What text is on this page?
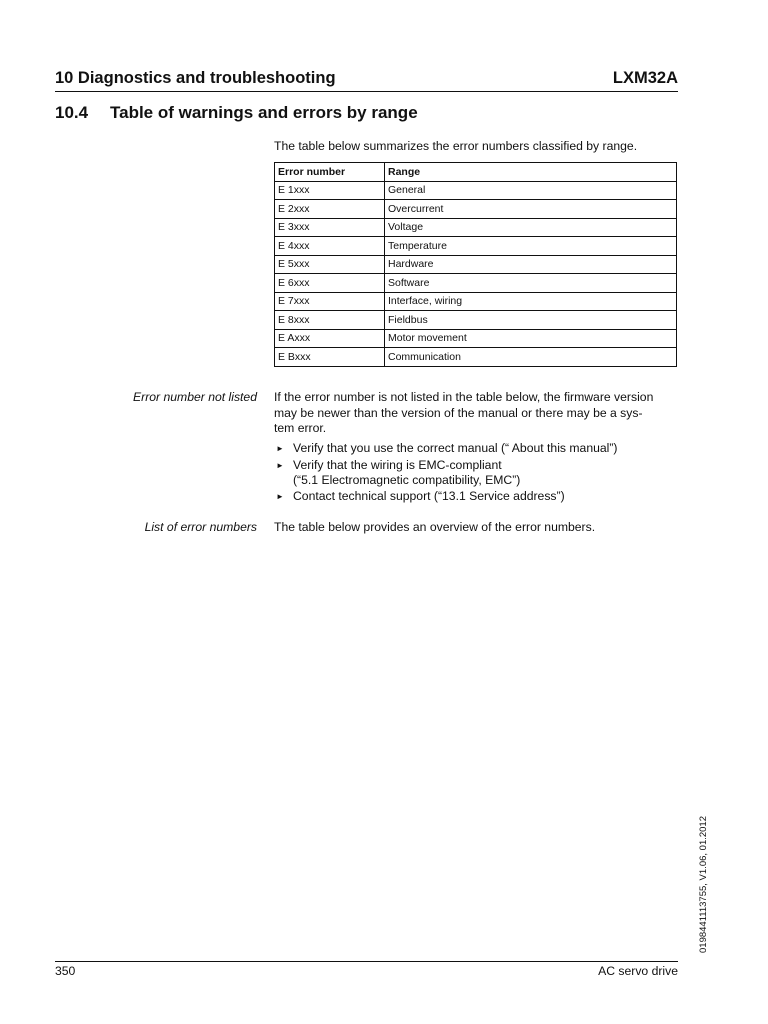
10 Diagnostics and troubleshooting	LXM32A
10.4 Table of warnings and errors by range
The table below summarizes the error numbers classified by range.
Error number	Range
E 1xxx	General
E 2xxx	Overcurrent
E 3xxx	Voltage
E 4xxx	Temperature
E 5xxx	Hardware
E 6xxx	Software
E 7xxx	Interface, wiring
E 8xxx	Fieldbus
E Axxx	Motor movement
E Bxxx	Communication
Error number not listed If the error number is not listed in the table below, the firmware version
may be newer than the version of the manual or there may be a sys-
tem error.
► Verify that you use the correct manual (“ About this manual”)
► Verify that the wiring is EMC-compliant
(“5.1 Electromagnetic compatibility, EMC”)
► Contact technical support (“13.1 Service address”)
List of error numbers The table below provides an overview of the error numbers.
0198441113755, V1.06, 01.2012
350	AC servo drive
